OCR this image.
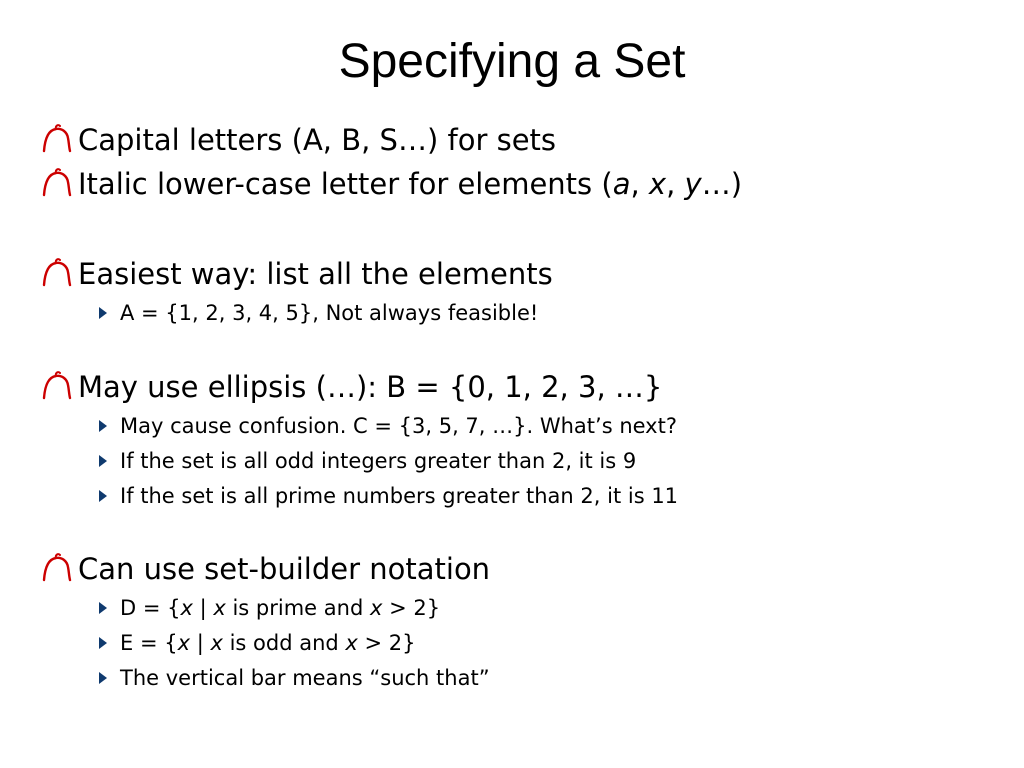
Specifying a Set
Capital letters (A, B, S…) for sets
Italic lower-case letter for elements (a, x, y…)
Easiest way: list all the elements
A = {1, 2, 3, 4, 5}, Not always feasible!
May use ellipsis (…): B = {0, 1, 2, 3, …}
May cause confusion. C = {3, 5, 7, …}. What’s next?
If the set is all odd integers greater than 2, it is 9
If the set is all prime numbers greater than 2, it is 11
Can use set-builder notation
D = {x | x is prime and x > 2}
E = {x | x is odd and x > 2}
The vertical bar means “such that”
